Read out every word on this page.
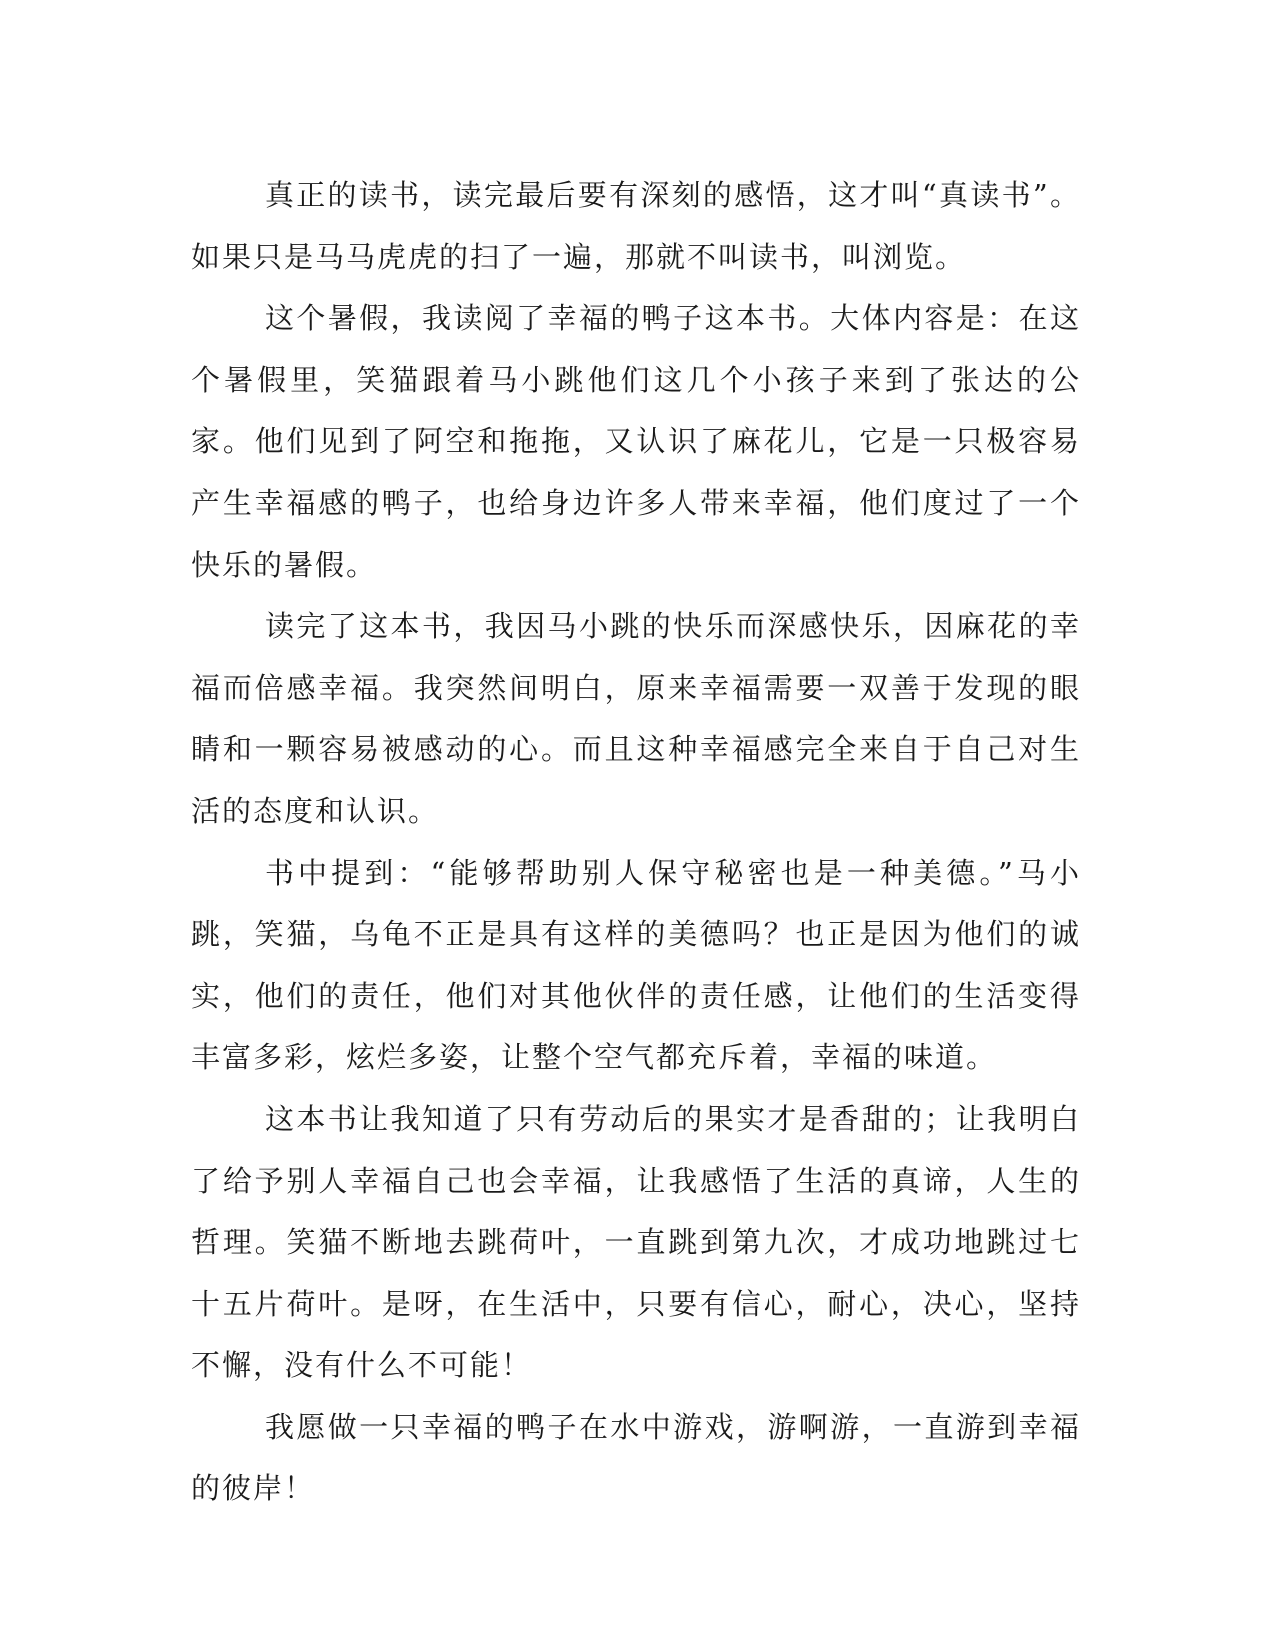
真正的读书，读完最后要有深刻的感悟，这才叫“真读书”。如果只是马马虎虎的扫了一遍，那就不叫读书，叫浏览。

这个暑假，我读阅了幸福的鸭子这本书。大体内容是：在这个暑假里，笑猫跟着马小跳他们这几个小孩子来到了张达的公家。他们见到了阿空和拖拖，又认识了麻花儿，它是一只极容易产生幸福感的鸭子，也给身边许多人带来幸福，他们度过了一个快乐的暑假。

读完了这本书，我因马小跳的快乐而深感快乐，因麻花的幸福而倍感幸福。我突然间明白，原来幸福需要一双善于发现的眼睛和一颗容易被感动的心。而且这种幸福感完全来自于自己对生活的态度和认识。

书中提到：“能够帮助别人保守秘密也是一种美德。”马小跳，笑猫，乌龟不正是具有这样的美德吗？也正是因为他们的诚实，他们的责任，他们对其他伙伴的责任感，让他们的生活变得丰富多彩，炫烂多姿，让整个空气都充斥着，幸福的味道。

这本书让我知道了只有劳动后的果实才是香甜的；让我明白了给予别人幸福自己也会幸福，让我感悟了生活的真谛，人生的哲理。笑猫不断地去跳荷叶，一直跳到第九次，才成功地跳过七十五片荷叶。是呀，在生活中，只要有信心，耐心，决心，坚持不懈，没有什么不可能！

我愿做一只幸福的鸭子在水中游戏，游啊游，一直游到幸福的彼岸！
